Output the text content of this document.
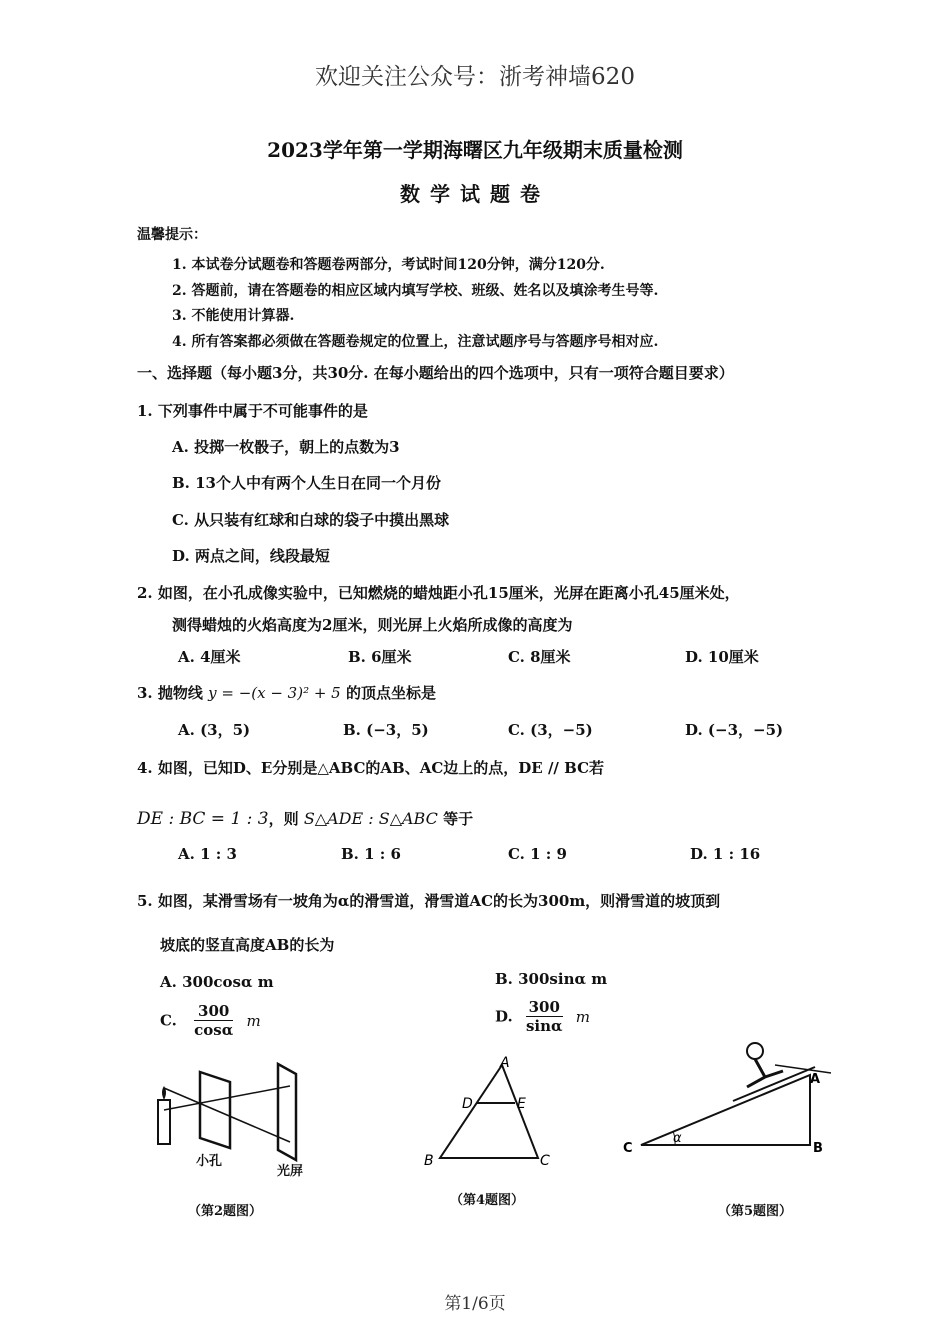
欢迎关注公众号：浙考神墙620
2023学年第一学期海曙区九年级期末质量检测
数学试题卷
温馨提示：
1. 本试卷分试题卷和答题卷两部分，考试时间120分钟，满分120分.
2. 答题前，请在答题卷的相应区域内填写学校、班级、姓名以及填涂考生号等.
3. 不能使用计算器.
4. 所有答案都必须做在答题卷规定的位置上，注意试题序号与答题序号相对应.
一、选择题（每小题3分，共30分. 在每小题给出的四个选项中，只有一项符合题目要求）
1. 下列事件中属于不可能事件的是
A. 投掷一枚骰子，朝上的点数为3
B. 13个人中有两个人生日在同一个月份
C. 从只装有红球和白球的袋子中摸出黑球
D. 两点之间，线段最短
2. 如图，在小孔成像实验中，已知燃烧的蜡烛距小孔15厘米，光屏在距离小孔45厘米处，
测得蜡烛的火焰高度为2厘米，则光屏上火焰所成像的高度为
A. 4厘米	B. 6厘米	C. 8厘米	D. 10厘米
3. 抛物线 y = −(x − 3)² + 5 的顶点坐标是
A. (3，5)	B. (−3，5)	C. (3，−5)	D. (−3，−5)
4. 如图，已知D、E分别是△ABC的AB、AC边上的点，DE // BC若
DE : BC = 1 : 3，则 S△ADE : S△ABC 等于
A. 1 : 3	B. 1 : 6	C. 1 : 9	D. 1 : 16
5. 如图，某滑雪场有一坡角为α的滑雪道，滑雪道AC的长为300m，则滑雪道的坡顶到
坡底的竖直高度AB的长为
A. 300cosα m	B. 300sinα m
C. $\frac{300}{\cos\alpha}$ m	D. $\frac{300}{\sin\alpha}$ m
小孔
光屏
（第2题图）
A
B	C
D	E
（第4题图）
A
C	B
α
（第5题图）
第1/6页
